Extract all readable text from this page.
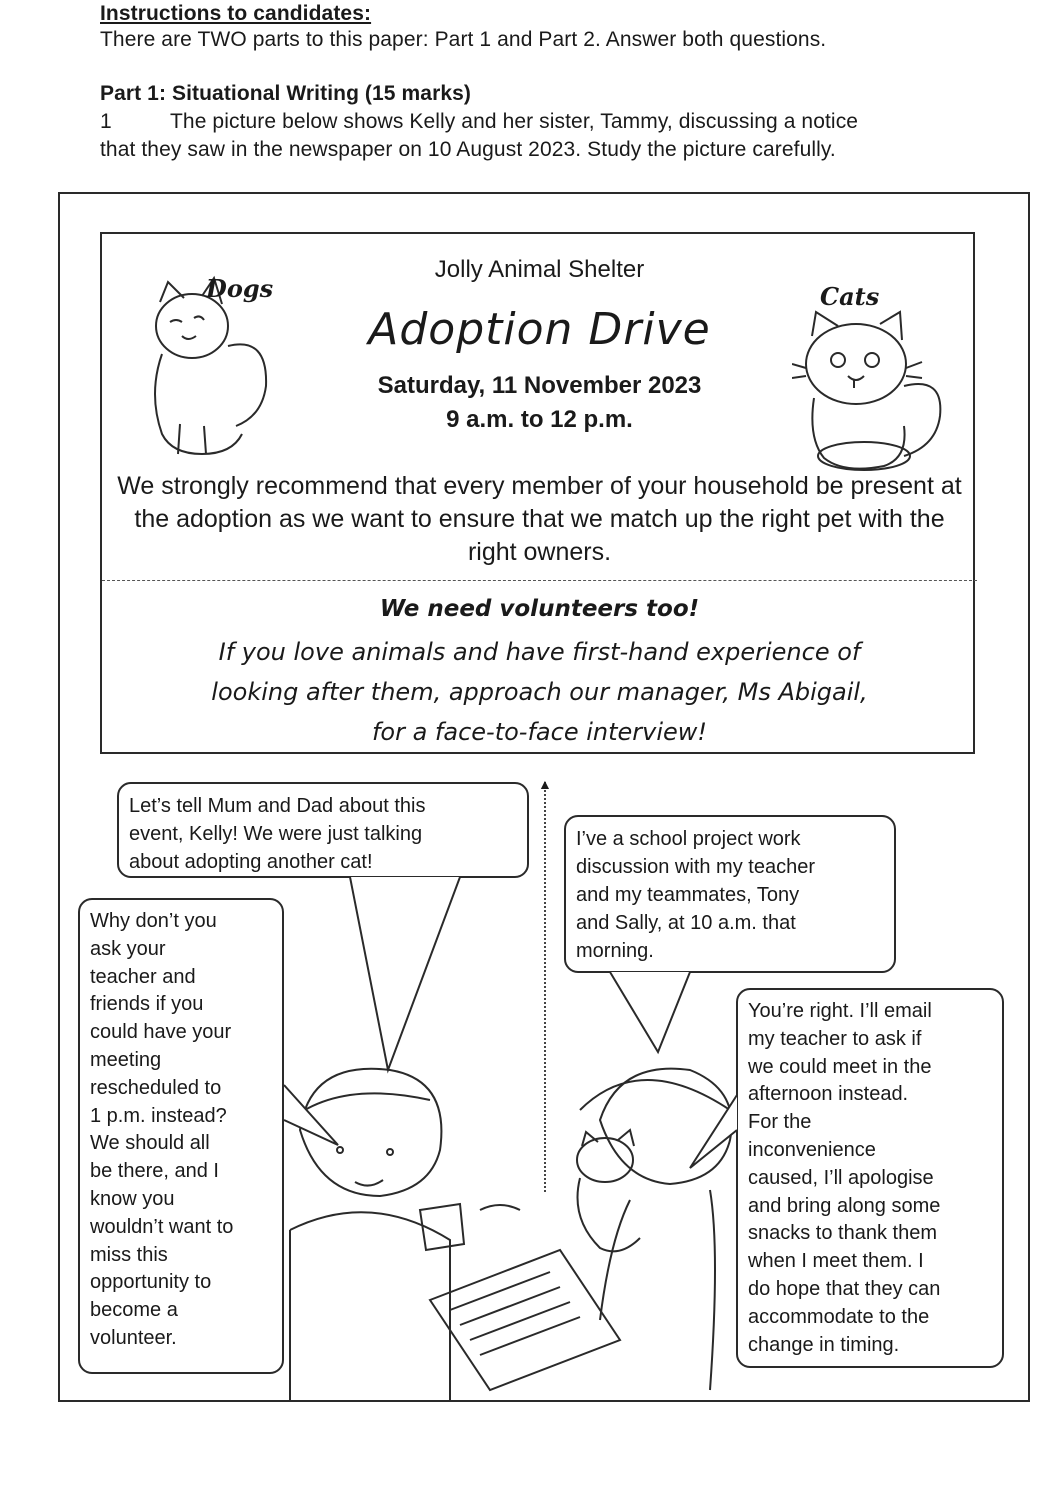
Instructions to candidates:
There are TWO parts to this paper: Part 1 and Part 2. Answer both questions.
Part 1: Situational Writing (15 marks)
1	The picture below shows Kelly and her sister, Tammy, discussing a notice
that they saw in the newspaper on 10 August 2023. Study the picture carefully.
Jolly Animal Shelter
Adoption Drive
Saturday, 11 November 2023
9 a.m. to 12 p.m.
We strongly recommend that every member of your household be present at the adoption as we want to ensure that we match up the right pet with the right owners.
We need volunteers too!
If you love animals and have first-hand experience of
looking after them, approach our manager, Ms Abigail,
for a face-to-face interview!
Dogs	Cats
▲
Let’s tell Mum and Dad about this
event, Kelly! We were just talking
about adopting another cat!
I’ve a school project work
discussion with my teacher
and my teammates, Tony
and Sally, at 10 a.m. that
morning.
Why don’t you
ask your
teacher and
friends if you
could have your
meeting
rescheduled to
1 p.m. instead?
We should all
be there, and I
know you
wouldn’t want to
miss this
opportunity to
become a
volunteer.
You’re right. I’ll email
my teacher to ask if
we could meet in the
afternoon instead.
For the
inconvenience
caused, I’ll apologise
and bring along some
snacks to thank them
when I meet them. I
do hope that they can
accommodate to the
change in timing.
